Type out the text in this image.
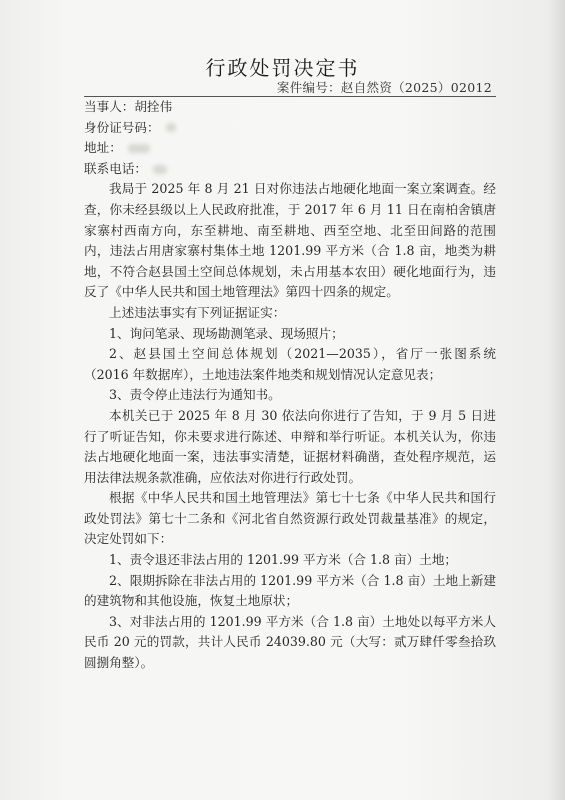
行政处罚决定书
案件编号：赵自然资（2025）02012
当事人：胡拴伟
身份证号码：
地址：
联系电话：

我局于 2025 年 8 月 21 日对你违法占地硬化地面一案立案调查。经查，你未经县级以上人民政府批准，于 2017 年 6 月 11 日在南柏舍镇唐家寨村西南方向，东至耕地、南至耕地、西至空地、北至田间路的范围内，违法占用唐家寨村集体土地 1201.99 平方米（合 1.8 亩，地类为耕地，不符合赵县国土空间总体规划，未占用基本农田）硬化地面行为，违反了《中华人民共和国土地管理法》第四十四条的规定。

上述违法事实有下列证据证实：

1、询问笔录、现场勘测笔录、现场照片；

2、赵县国土空间总体规划（2021—2035），省厅一张图系统（2016 年数据库），土地违法案件地类和规划情况认定意见表；

3、责令停止违法行为通知书。

本机关已于 2025 年 8 月 30 依法向你进行了告知，于 9 月 5 日进行了听证告知，你未要求进行陈述、申辩和举行听证。本机关认为，你违法占地硬化地面一案，违法事实清楚，证据材料确凿，查处程序规范，运用法律法规条款准确，应依法对你进行行政处罚。

根据《中华人民共和国土地管理法》第七十七条《中华人民共和国行政处罚法》第七十二条和《河北省自然资源行政处罚裁量基准》的规定，决定处罚如下：

1、责令退还非法占用的 1201.99 平方米（合 1.8 亩）土地；

2、限期拆除在非法占用的 1201.99 平方米（合 1.8 亩）土地上新建的建筑物和其他设施，恢复土地原状；

3、对非法占用的 1201.99 平方米（合 1.8 亩）土地处以每平方米人民币 20 元的罚款，共计人民币 24039.80 元（大写：贰万肆仟零叁拾玖圆捌角整）。
